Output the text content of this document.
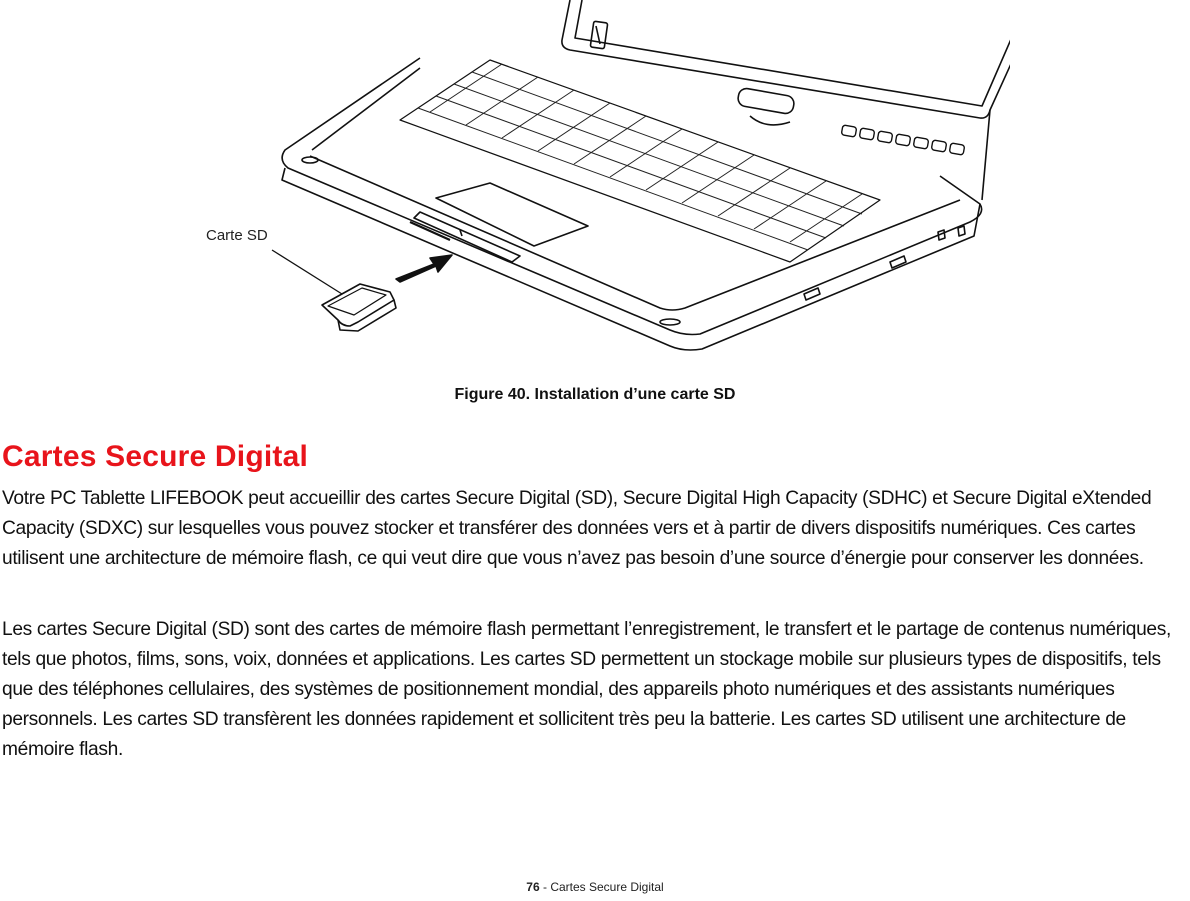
Carte SD
Figure 40. Installation d’une carte SD
Cartes Secure Digital

Votre PC Tablette LIFEBOOK peut accueillir des cartes Secure Digital (SD), Secure Digital High Capacity (SDHC) et Secure Digital eXtended Capacity (SDXC) sur lesquelles vous pouvez stocker et transférer des données vers et à partir de divers dispositifs numériques. Ces cartes utilisent une architecture de mémoire flash, ce qui veut dire que vous n’avez pas besoin d’une source d’énergie pour conserver les données.

Les cartes Secure Digital (SD) sont des cartes de mémoire flash permettant l’enregistrement, le transfert et le partage de contenus numériques, tels que photos, films, sons, voix, données et applications. Les cartes SD permettent un stockage mobile sur plusieurs types de dispositifs, tels que des téléphones cellulaires, des systèmes de positionnement mondial, des appareils photo numériques et des assistants numériques personnels. Les cartes SD transfèrent les données rapidement et sollicitent très peu la batterie. Les cartes SD utilisent une architecture de mémoire flash.

76 - Cartes Secure Digital
